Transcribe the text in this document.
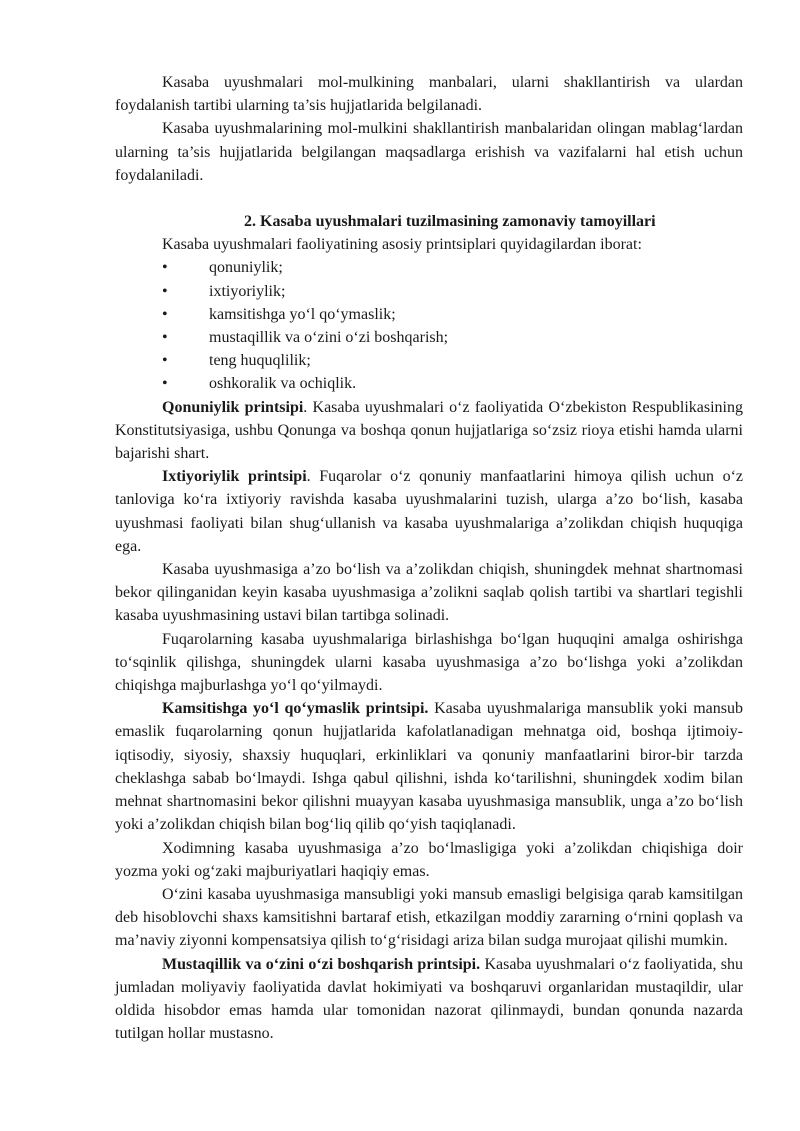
Kasaba uyushmalari mol-mulkining manbalari, ularni shakllantirish va ulardan foydalanish tartibi ularning ta’sis hujjatlarida belgilanadi.

Kasaba uyushmalarining mol-mulkini shakllantirish manbalaridan olingan mablag‘lardan ularning ta’sis hujjatlarida belgilangan maqsadlarga erishish va vazifalarni hal etish uchun foydalaniladi.

2. Kasaba uyushmalari tuzilmasining zamonaviy tamoyillari

Kasaba uyushmalari faoliyatining asosiy printsiplari quyidagilardan iborat:

•	qonuniylik;
•	ixtiyoriylik;
•	kamsitishga yo‘l qo‘ymaslik;
•	mustaqillik va o‘zini o‘zi boshqarish;
•	teng huquqlilik;
•	oshkoralik va ochiqlik.

Qonuniylik printsipi. Kasaba uyushmalari o‘z faoliyatida O‘zbekiston Respublikasining Konstitutsiyasiga, ushbu Qonunga va boshqa qonun hujjatlariga so‘zsiz rioya etishi hamda ularni bajarishi shart.

Ixtiyoriylik printsipi. Fuqarolar o‘z qonuniy manfaatlarini himoya qilish uchun o‘z tanloviga ko‘ra ixtiyoriy ravishda kasaba uyushmalarini tuzish, ularga a’zo bo‘lish, kasaba uyushmasi faoliyati bilan shug‘ullanish va kasaba uyushmalariga a’zolikdan chiqish huquqiga ega.

Kasaba uyushmasiga a’zo bo‘lish va a’zolikdan chiqish, shuningdek mehnat shartnomasi bekor qilinganidan keyin kasaba uyushmasiga a’zolikni saqlab qolish tartibi va shartlari tegishli kasaba uyushmasining ustavi bilan tartibga solinadi.

Fuqarolarning kasaba uyushmalariga birlashishga bo‘lgan huquqini amalga oshirishga to‘sqinlik qilishga, shuningdek ularni kasaba uyushmasiga a’zo bo‘lishga yoki a’zolikdan chiqishga majburlashga yo‘l qo‘yilmaydi.

Kamsitishga yo‘l qo‘ymaslik printsipi. Kasaba uyushmalariga mansublik yoki mansub emaslik fuqarolarning qonun hujjatlarida kafolatlanadigan mehnatga oid, boshqa ijtimoiy-iqtisodiy, siyosiy, shaxsiy huquqlari, erkinliklari va qonuniy manfaatlarini biror-bir tarzda cheklashga sabab bo‘lmaydi. Ishga qabul qilishni, ishda ko‘tarilishni, shuningdek xodim bilan mehnat shartnomasini bekor qilishni muayyan kasaba uyushmasiga mansublik, unga a’zo bo‘lish yoki a’zolikdan chiqish bilan bog‘liq qilib qo‘yish taqiqlanadi.

Xodimning kasaba uyushmasiga a’zo bo‘lmasligiga yoki a’zolikdan chiqishiga doir yozma yoki og‘zaki majburiyatlari haqiqiy emas.

O‘zini kasaba uyushmasiga mansubligi yoki mansub emasligi belgisiga qarab kamsitilgan deb hisoblovchi shaxs kamsitishni bartaraf etish, etkazilgan moddiy zararning o‘rnini qoplash va ma’naviy ziyonni kompensatsiya qilish to‘g‘risidagi ariza bilan sudga murojaat qilishi mumkin.

Mustaqillik va o‘zini o‘zi boshqarish printsipi. Kasaba uyushmalari o‘z faoliyatida, shu jumladan moliyaviy faoliyatida davlat hokimiyati va boshqaruvi organlaridan mustaqildir, ular oldida hisobdor emas hamda ular tomonidan nazorat qilinmaydi, bundan qonunda nazarda tutilgan hollar mustasno.
